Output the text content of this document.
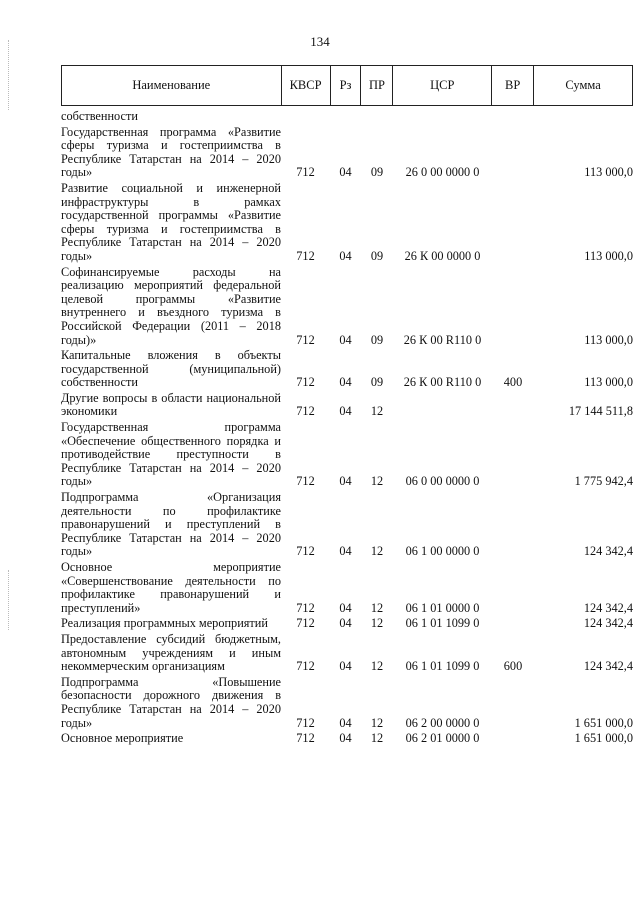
134
Наименование	КВСР	Рз	ПР	ЦСР	ВР	Сумма
собственности						
Государственная программа «Развитие сферы туризма и гостеприимства в Республике Татарстан на 2014 – 2020 годы»	712	04	09	26 0 00 0000 0		113 000,0
Развитие социальной и инженерной инфраструктуры в рамках государственной программы «Развитие сферы туризма и гостеприимства в Республике Татарстан на 2014 – 2020 годы»	712	04	09	26 К 00 0000 0		113 000,0
Софинансируемые расходы на реализацию мероприятий федеральной целевой программы «Развитие внутреннего и въездного туризма в Российской Федерации (2011 – 2018 годы)»	712	04	09	26 К 00 R110 0		113 000,0
Капитальные вложения в объекты государственной (муниципальной) собственности	712	04	09	26 К 00 R110 0	400	113 000,0
Другие вопросы в области национальной экономики	712	04	12			17 144 511,8
Государственная программа «Обеспечение общественного порядка и противодействие преступности в Республике Татарстан на 2014 – 2020 годы»	712	04	12	06 0 00 0000 0		1 775 942,4
Подпрограмма «Организация деятельности по профилактике правонарушений и преступлений в Республике Татарстан на 2014 – 2020 годы»	712	04	12	06 1 00 0000 0		124 342,4
Основное мероприятие «Совершенствование деятельности по профилактике правонарушений и преступлений»	712	04	12	06 1 01 0000 0		124 342,4
Реализация программных мероприятий	712	04	12	06 1 01 1099 0		124 342,4
Предоставление субсидий бюджетным, автономным учреждениям и иным некоммерческим организациям	712	04	12	06 1 01 1099 0	600	124 342,4
Подпрограмма «Повышение безопасности дорожного движения в Республике Татарстан на 2014 – 2020 годы»	712	04	12	06 2 00 0000 0		1 651 000,0
Основное мероприятие	712	04	12	06 2 01 0000 0		1 651 000,0
